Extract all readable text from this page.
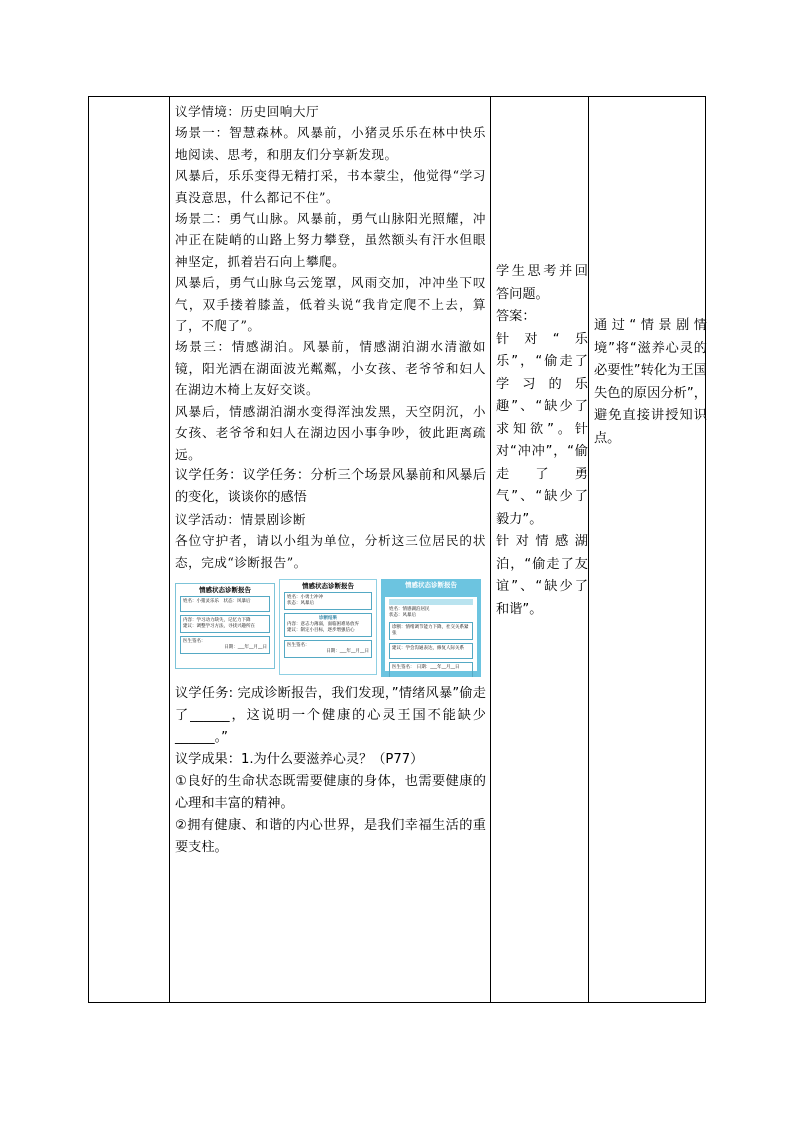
议学情境：历史回响大厅

场景一：智慧森林。风暴前，小猪灵乐乐在林中快乐地阅读、思考，和朋友们分享新发现。

风暴后，乐乐变得无精打采，书本蒙尘，他觉得“学习真没意思，什么都记不住”。

场景二：勇气山脉。风暴前，勇气山脉阳光照耀，冲冲正在陡峭的山路上努力攀登，虽然额头有汗水但眼神坚定，抓着岩石向上攀爬。

风暴后，勇气山脉乌云笼罩，风雨交加，冲冲坐下叹气，双手搂着膝盖，低着头说“我肯定爬不上去，算了，不爬了”。

场景三：情感湖泊。风暴前，情感湖泊湖水清澈如镜，阳光洒在湖面波光粼粼，小女孩、老爷爷和妇人在湖边木椅上友好交谈。

风暴后，情感湖泊湖水变得浑浊发黑，天空阴沉，小女孩、老爷爷和妇人在湖边因小事争吵，彼此距离疏远。

议学任务：议学任务：分析三个场景风暴前和风暴后的变化，谈谈你的感悟

议学活动：情景剧诊断

各位守护者，请以小组为单位，分析这三位居民的状态，完成“诊断报告”。

情感状态诊断报告
姓名：小猪灵乐乐　 状态：风暴后
内容：学习动力缺失，记忆力下降
建议：调整学习方法，寻找兴趣所在
医生签名：
日期：___年__月__日
情感状态诊断报告
姓名：小勇士冲冲
状态：风暴后
诊断结果
内容：意志力薄弱，面临困难易放弃
建议：制定小目标，逐步增强信心
医生签名：
日期：___年__月__日
情感状态诊断报告
姓名：情感湖泊居民
状态：风暴后
诊断：情绪调节能力下降，社交关系紧张
建议：学会沟通表达，修复人际关系
医生签名：　 日期：___年__月__日

议学任务: 完成诊断报告，我们发现，”情绪风暴”偷走了______，这说明一个健康的心灵王国不能缺少______。”

议学成果：1.为什么要滋养心灵？（P77）

①良好的生命状态既需要健康的身体，也需要健康的心理和丰富的精神。

②拥有健康、和谐的内心世界，是我们幸福生活的重要支柱。

学生思考并回答问题。

答案：

针对“乐乐”，“偷走了学习的乐趣”、“缺少了求知欲”。针对“冲冲”，“偷走了勇气”、“缺少了毅力”。

针对情感湖泊，“偷走了友谊”、“缺少了和谐”。

通过“情景剧情境”将“滋养心灵的必要性”转化为王国失色的原因分析”，避免直接讲授知识点。
